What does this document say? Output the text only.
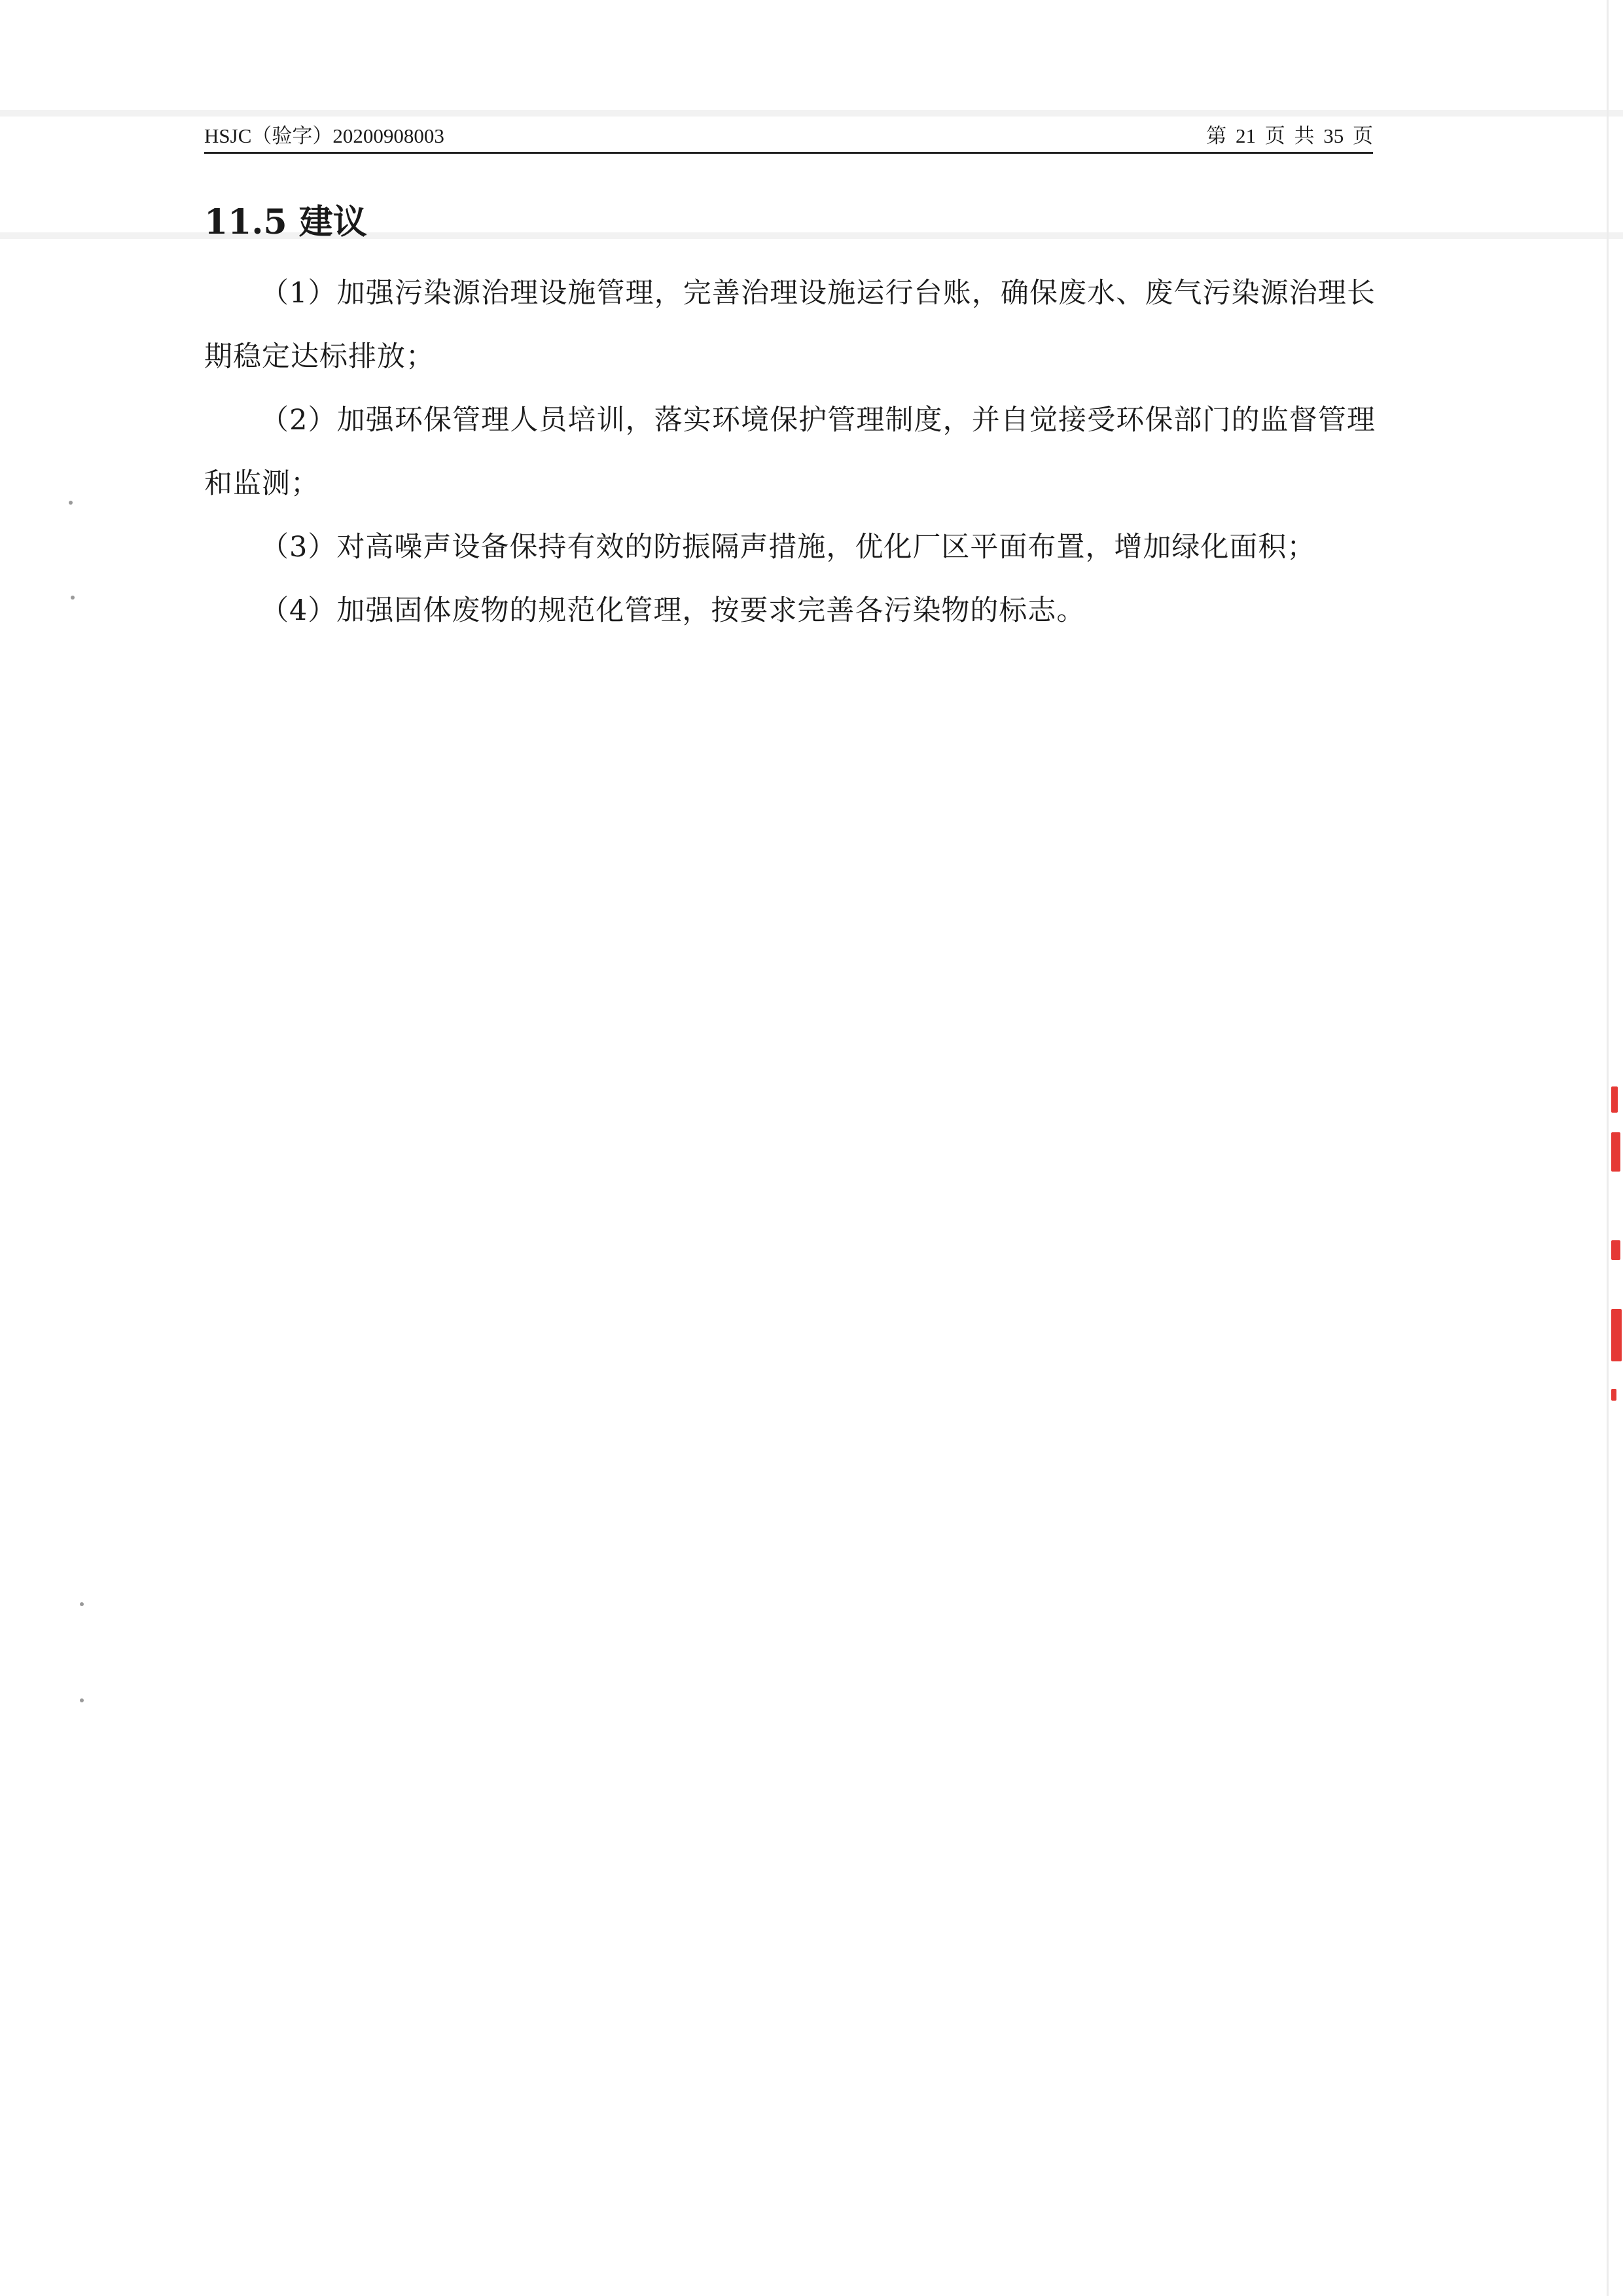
HSJC（验字）20200908003	第 21 页 共 35 页
11.5 建议

（1）加强污染源治理设施管理，完善治理设施运行台账，确保废水、废气污染源治理长期稳定达标排放；

（2）加强环保管理人员培训，落实环境保护管理制度，并自觉接受环保部门的监督管理和监测；

（3）对高噪声设备保持有效的防振隔声措施，优化厂区平面布置，增加绿化面积；

（4）加强固体废物的规范化管理，按要求完善各污染物的标志。
